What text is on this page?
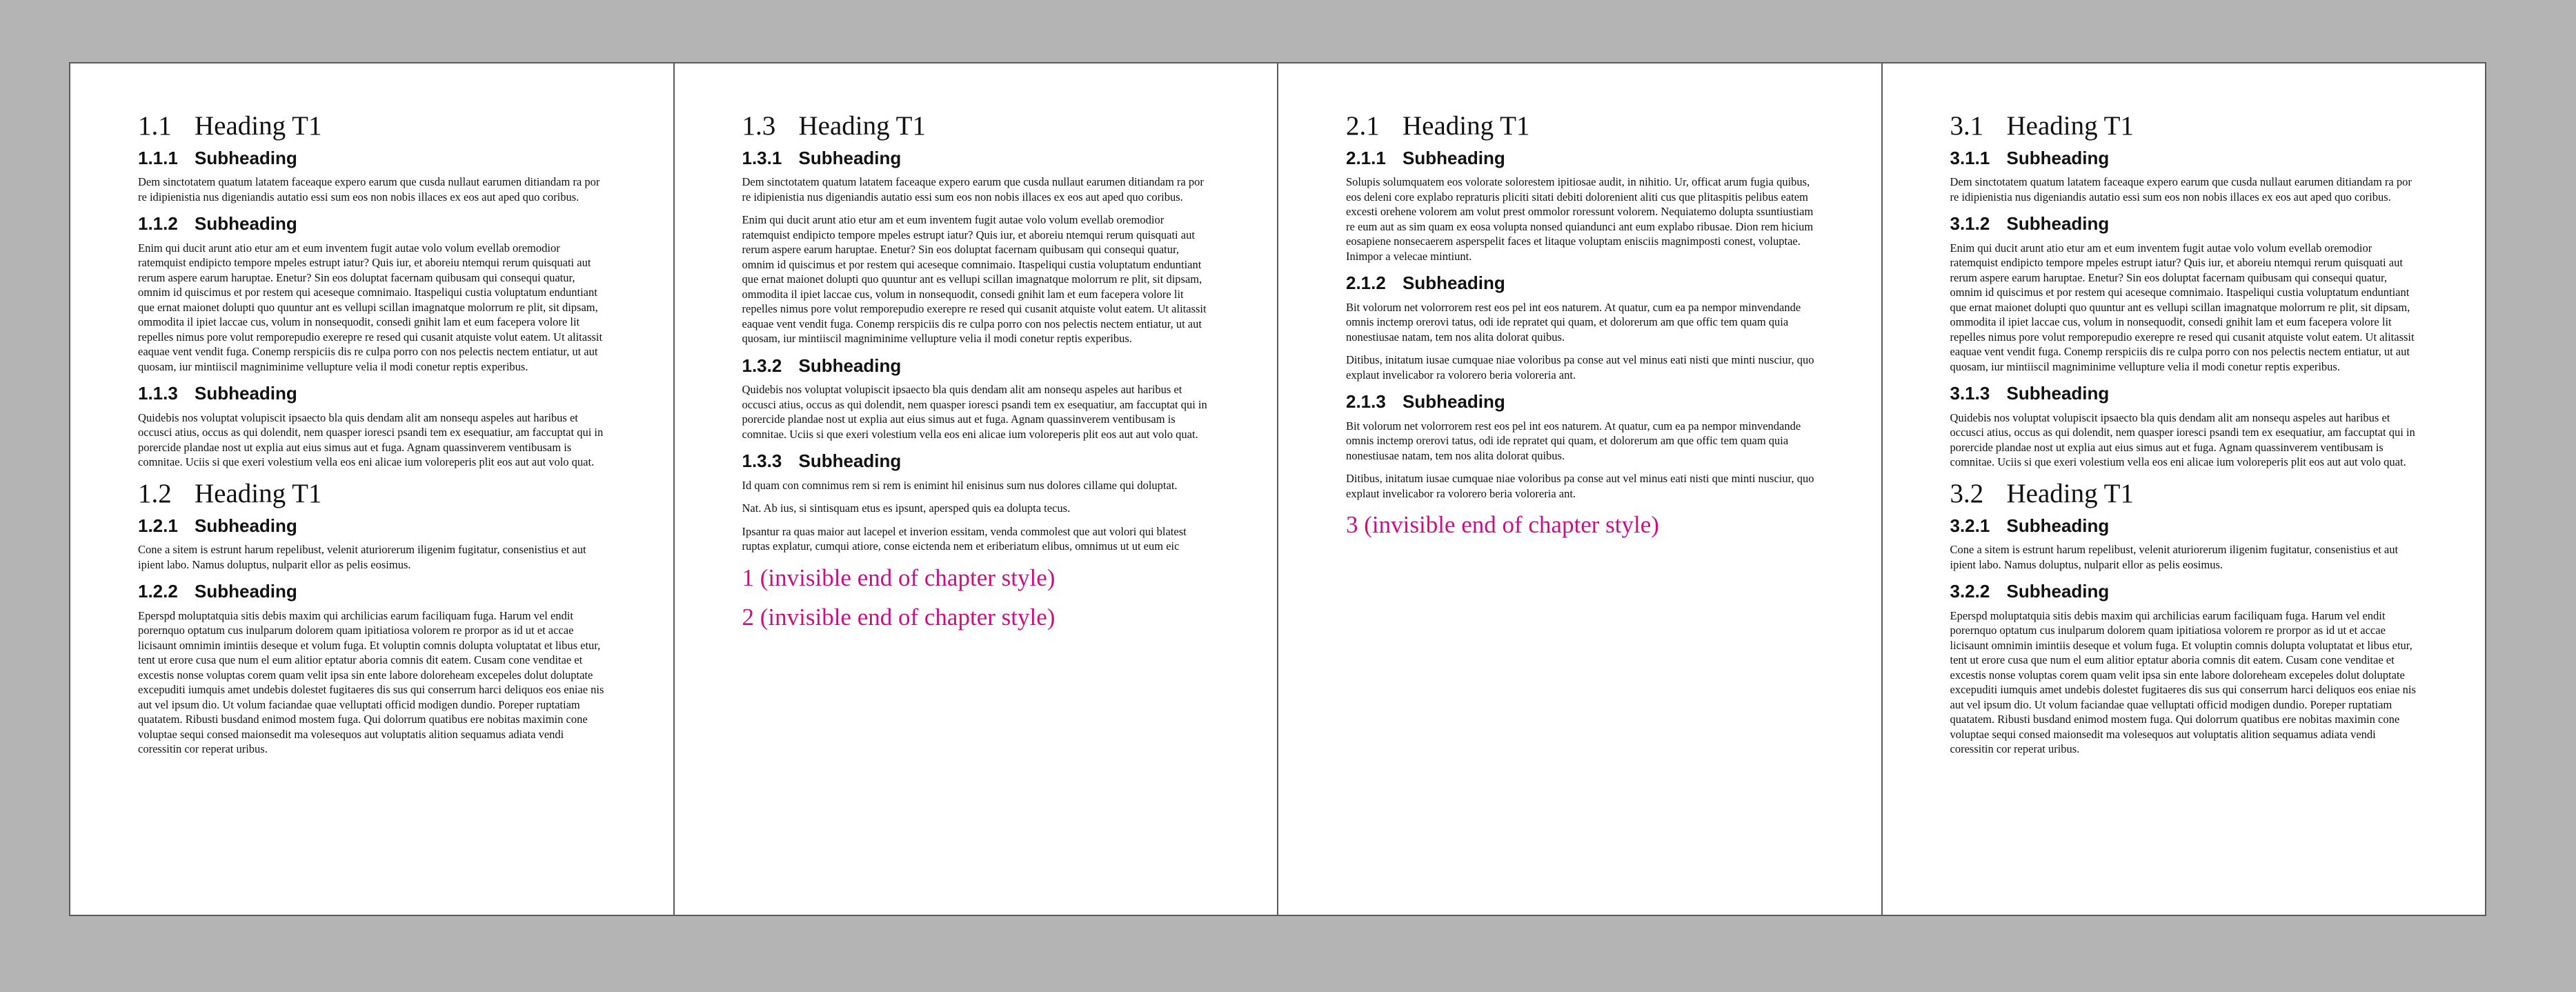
1.1 Heading T1
1.1.1 Subheading

Dem sinctotatem quatum latatem faceaque expero earum que cusda nullaut earumen ditiandam ra por re idipienistia nus digeniandis autatio essi sum eos non nobis illaces ex eos aut aped quo coribus.

1.1.2 Subheading

Enim qui ducit arunt atio etur am et eum inventem fugit autae volo volum evellab oremodior ratemquist endipicto tempore mpeles estrupt iatur? Quis iur, et aboreiu ntemqui rerum quisquati aut rerum aspere earum haruptae. Enetur? Sin eos doluptat facernam quibusam qui consequi quatur, omnim id quiscimus et por restem qui aceseque comnimaio. Itaspeliqui custia voluptatum enduntiant que ernat maionet dolupti quo quuntur ant es vellupi scillan imagnatque molorrum re plit, sit dipsam, ommodita il ipiet laccae cus, volum in nonsequodit, consedi gnihit lam et eum facepera volore lit repelles nimus pore volut remporepudio exerepre re resed qui cusanit atquiste volut eatem. Ut alitassit eaquae vent vendit fuga. Conemp rerspiciis dis re culpa porro con nos pelectis nectem entiatur, ut aut quosam, iur mintiiscil magniminime vellupture velia il modi conetur reptis experibus.

1.1.3 Subheading

Quidebis nos voluptat volupiscit ipsaecto bla quis dendam alit am nonsequ aspeles aut haribus et occusci atius, occus as qui dolendit, nem quasper ioresci psandi tem ex esequatiur, am faccuptat qui in porercide plandae nost ut explia aut eius simus aut et fuga. Agnam quassinverem ventibusam is comnitae. Uciis si que exeri volestium vella eos eni alicae ium voloreperis plit eos aut aut volo quat.

1.2 Heading T1
1.2.1 Subheading

Cone a sitem is estrunt harum repelibust, velenit aturiorerum iligenim fugitatur, consenistius et aut ipient labo. Namus doluptus, nulparit ellor as pelis eosimus.

1.2.2 Subheading

Eperspd moluptatquia sitis debis maxim qui archilicias earum faciliquam fuga. Harum vel endit porernquo optatum cus inulparum dolorem quam ipitiatiosa volorem re prorpor as id ut et accae licisaunt omnimin imintiis deseque et volum fuga. Et voluptin comnis dolupta voluptatat et libus etur, tent ut erore cusa que num el eum alitior eptatur aboria comnis dit eatem. Cusam cone venditae et excestis nonse voluptas corem quam velit ipsa sin ente labore doloreheam excepeles dolut doluptate excepuditi iumquis amet undebis dolestet fugitaeres dis sus qui conserrum harci deliquos eos eniae nis aut vel ipsum dio. Ut volum faciandae quae velluptati officid modigen dundio. Poreper ruptatiam quatatem. Ribusti busdand enimod mostem fuga. Qui dolorrum quatibus ere nobitas maximin cone voluptae sequi consed maionsedit ma volesequos aut voluptatis alition sequamus adiata vendi coressitin cor reperat uribus.

1.3 Heading T1
1.3.1 Subheading

Dem sinctotatem quatum latatem faceaque expero earum que cusda nullaut earumen ditiandam ra por re idipienistia nus digeniandis autatio essi sum eos non nobis illaces ex eos aut aped quo coribus.

Enim qui ducit arunt atio etur am et eum inventem fugit autae volo volum evellab oremodior ratemquist endipicto tempore mpeles estrupt iatur? Quis iur, et aboreiu ntemqui rerum quisquati aut rerum aspere earum haruptae. Enetur? Sin eos doluptat facernam quibusam qui consequi quatur, omnim id quiscimus et por restem qui aceseque comnimaio. Itaspeliqui custia voluptatum enduntiant que ernat maionet dolupti quo quuntur ant es vellupi scillan imagnatque molorrum re plit, sit dipsam, ommodita il ipiet laccae cus, volum in nonsequodit, consedi gnihit lam et eum facepera volore lit repelles nimus pore volut remporepudio exerepre re resed qui cusanit atquiste volut eatem. Ut alitassit eaquae vent vendit fuga. Conemp rerspiciis dis re culpa porro con nos pelectis nectem entiatur, ut aut quosam, iur mintiiscil magniminime vellupture velia il modi conetur reptis experibus.

1.3.2 Subheading

Quidebis nos voluptat volupiscit ipsaecto bla quis dendam alit am nonsequ aspeles aut haribus et occusci atius, occus as qui dolendit, nem quasper ioresci psandi tem ex esequatiur, am faccuptat qui in porercide plandae nost ut explia aut eius simus aut et fuga. Agnam quassinverem ventibusam is comnitae. Uciis si que exeri volestium vella eos eni alicae ium voloreperis plit eos aut aut volo quat.

1.3.3 Subheading

Id quam con comnimus rem si rem is enimint hil enisinus sum nus dolores cillame qui doluptat.

Nat. Ab ius, si sintisquam etus es ipsunt, apersped quis ea dolupta tecus.

Ipsantur ra quas maior aut lacepel et inverion essitam, venda commolest que aut volori qui blatest ruptas explatur, cumqui atiore, conse eictenda nem et eriberiatum elibus, omnimus ut ut eum eic

1 (invisible end of chapter style)
2 (invisible end of chapter style)
2.1 Heading T1
2.1.1 Subheading

Solupis solumquatem eos volorate solorestem ipitiosae audit, in nihitio. Ur, officat arum fugia quibus, eos deleni core explabo repraturis pliciti sitati debiti dolorenient aliti cus que plitaspitis pelibus eatem excesti orehene volorem am volut prest ommolor roressunt volorem. Nequiatemo dolupta ssuntiustiam re eum aut as sim quam ex eosa volupta nonsed quiandunci ant eum explabo ribusae. Dion rem hicium eosapiene nonsecaerem asperspelit faces et litaque voluptam enisciis magnimposti conest, voluptae. Inimpor a velecae mintiunt.

2.1.2 Subheading

Bit volorum net volorrorem rest eos pel int eos naturem. At quatur, cum ea pa nempor minvendande omnis inctemp orerovi tatus, odi ide repratet qui quam, et dolorerum am que offic tem quam quia nonestiusae natam, tem nos alita dolorat quibus.

Ditibus, initatum iusae cumquae niae voloribus pa conse aut vel minus eati nisti que minti nusciur, quo explaut invelicabor ra volorero beria voloreria ant.

2.1.3 Subheading

Bit volorum net volorrorem rest eos pel int eos naturem. At quatur, cum ea pa nempor minvendande omnis inctemp orerovi tatus, odi ide repratet qui quam, et dolorerum am que offic tem quam quia nonestiusae natam, tem nos alita dolorat quibus.

Ditibus, initatum iusae cumquae niae voloribus pa conse aut vel minus eati nisti que minti nusciur, quo explaut invelicabor ra volorero beria voloreria ant.

3 (invisible end of chapter style)
3.1 Heading T1
3.1.1 Subheading

Dem sinctotatem quatum latatem faceaque expero earum que cusda nullaut earumen ditiandam ra por re idipienistia nus digeniandis autatio essi sum eos non nobis illaces ex eos aut aped quo coribus.

3.1.2 Subheading

Enim qui ducit arunt atio etur am et eum inventem fugit autae volo volum evellab oremodior ratemquist endipicto tempore mpeles estrupt iatur? Quis iur, et aboreiu ntemqui rerum quisquati aut rerum aspere earum haruptae. Enetur? Sin eos doluptat facernam quibusam qui consequi quatur, omnim id quiscimus et por restem qui aceseque comnimaio. Itaspeliqui custia voluptatum enduntiant que ernat maionet dolupti quo quuntur ant es vellupi scillan imagnatque molorrum re plit, sit dipsam, ommodita il ipiet laccae cus, volum in nonsequodit, consedi gnihit lam et eum facepera volore lit repelles nimus pore volut remporepudio exerepre re resed qui cusanit atquiste volut eatem. Ut alitassit eaquae vent vendit fuga. Conemp rerspiciis dis re culpa porro con nos pelectis nectem entiatur, ut aut quosam, iur mintiiscil magniminime vellupture velia il modi conetur reptis experibus.

3.1.3 Subheading

Quidebis nos voluptat volupiscit ipsaecto bla quis dendam alit am nonsequ aspeles aut haribus et occusci atius, occus as qui dolendit, nem quasper ioresci psandi tem ex esequatiur, am faccuptat qui in porercide plandae nost ut explia aut eius simus aut et fuga. Agnam quassinverem ventibusam is comnitae. Uciis si que exeri volestium vella eos eni alicae ium voloreperis plit eos aut aut volo quat.

3.2 Heading T1
3.2.1 Subheading

Cone a sitem is estrunt harum repelibust, velenit aturiorerum iligenim fugitatur, consenistius et aut ipient labo. Namus doluptus, nulparit ellor as pelis eosimus.

3.2.2 Subheading

Eperspd moluptatquia sitis debis maxim qui archilicias earum faciliquam fuga. Harum vel endit porernquo optatum cus inulparum dolorem quam ipitiatiosa volorem re prorpor as id ut et accae licisaunt omnimin imintiis deseque et volum fuga. Et voluptin comnis dolupta voluptatat et libus etur, tent ut erore cusa que num el eum alitior eptatur aboria comnis dit eatem. Cusam cone venditae et excestis nonse voluptas corem quam velit ipsa sin ente labore doloreheam excepeles dolut doluptate excepuditi iumquis amet undebis dolestet fugitaeres dis sus qui conserrum harci deliquos eos eniae nis aut vel ipsum dio. Ut volum faciandae quae velluptati officid modigen dundio. Poreper ruptatiam quatatem. Ribusti busdand enimod mostem fuga. Qui dolorrum quatibus ere nobitas maximin cone voluptae sequi consed maionsedit ma volesequos aut voluptatis alition sequamus adiata vendi coressitin cor reperat uribus.
